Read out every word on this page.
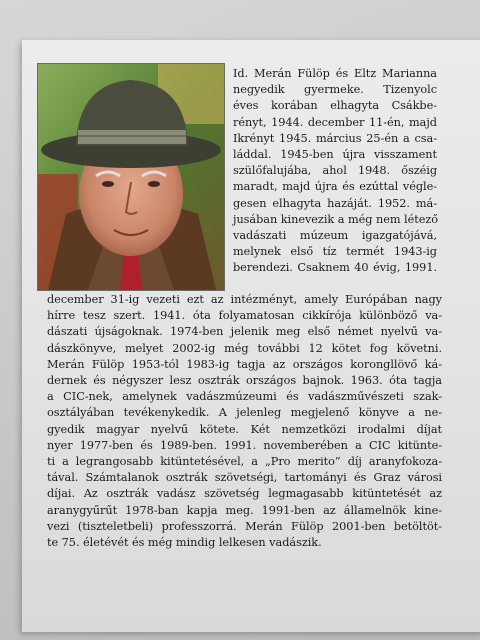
Id. Merán Fülöp és Eltz Marianna
negyedik gyermeke. Tizenyolc
éves korában elhagyta Csákbe-
rényt, 1944. december 11-én, majd
Ikrényt 1945. március 25-én a csa-
láddal. 1945-ben újra visszament
szülőfalujába, ahol 1948. őszéig
maradt, majd újra és ezúttal végle-
gesen elhagyta hazáját. 1952. má-
jusában kinevezik a még nem létező
vadászati múzeum igazgatójává,
melynek első tíz termét 1943-ig
berendezi. Csaknem 40 évig, 1991.
december 31-ig vezeti ezt az intézményt, amely Európában nagy
hírre tesz szert. 1941. óta folyamatosan cikkírója különböző va-
dászati újságoknak. 1974-ben jelenik meg első német nyelvű va-
dászkönyve, melyet 2002-ig még további 12 kötet fog követni.
Merán Fülöp 1953-tól 1983-ig tagja az országos korongllövő ká-
dernek és négyszer lesz osztrák országos bajnok. 1963. óta tagja
a CIC-nek, amelynek vadászmúzeumi és vadászművészeti szak-
osztályában tevékenykedik. A jelenleg megjelenő könyve a ne-
gyedik magyar nyelvű kötete. Két nemzetközi irodalmi díjat
nyer 1977-ben és 1989-ben. 1991. novemberében a CIC kitünte-
ti a legrangosabb kitüntetésével, a „Pro merito” díj aranyfokoza-
tával. Számtalanok osztrák szövetségi, tartományi és Graz városi
díjai. Az osztrák vadász szövetség legmagasabb kitüntetését az
aranygyűrűt 1978-ban kapja meg. 1991-ben az államelnök kine-
vezi (tiszteletbeli) professzorrá. Merán Fülöp 2001-ben betöltöt-
te 75. életévét és még mindig lelkesen vadászik.
